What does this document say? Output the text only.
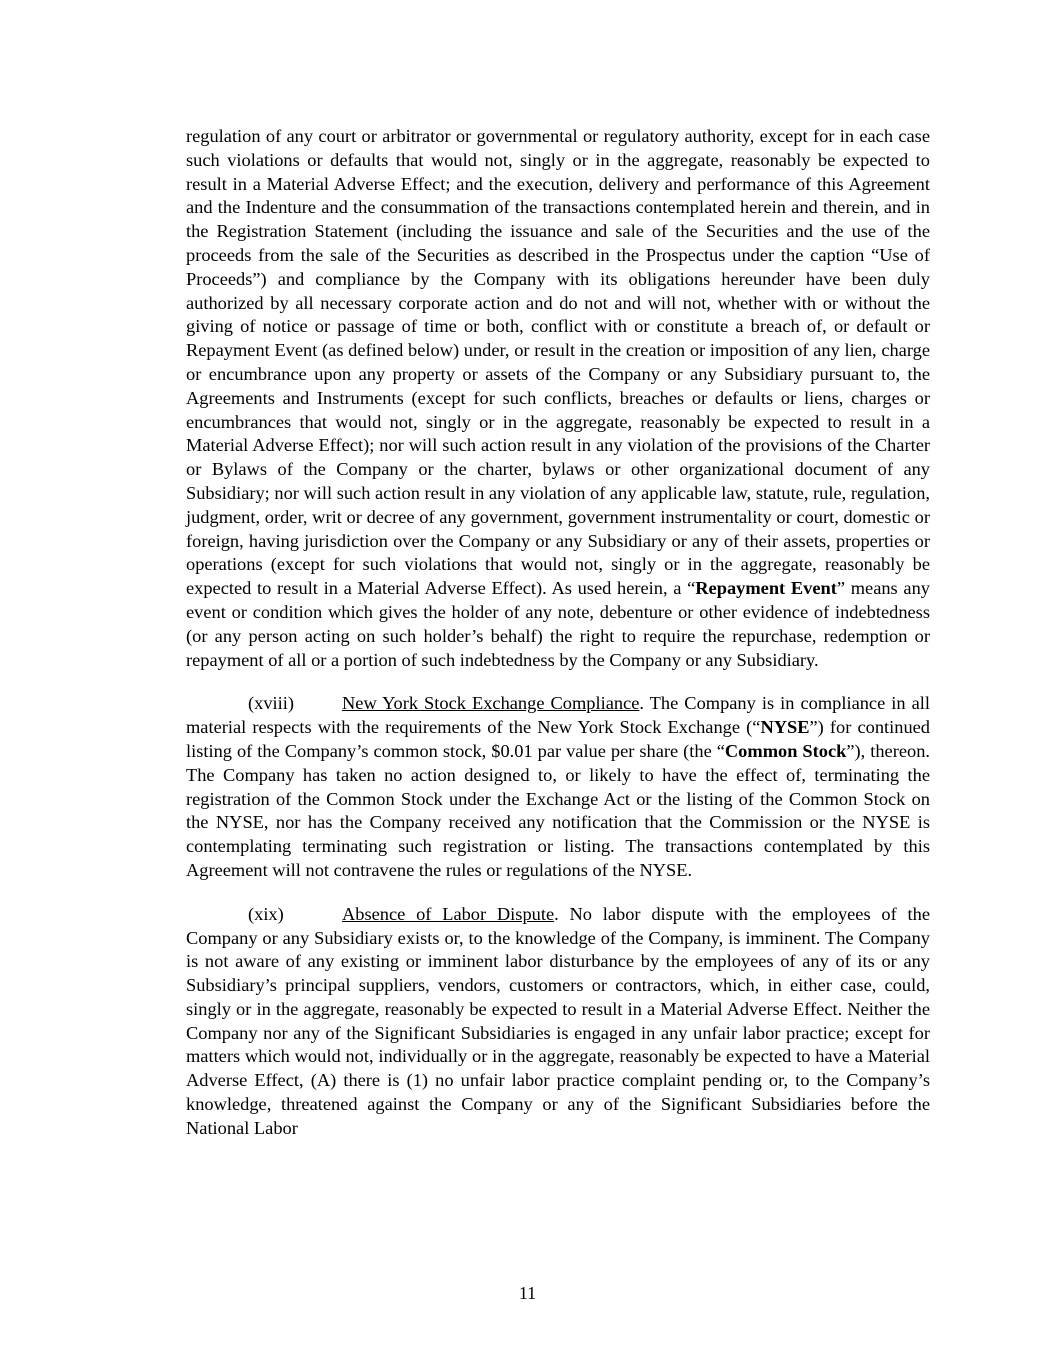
regulation of any court or arbitrator or governmental or regulatory authority, except for in each case such violations or defaults that would not, singly or in the aggregate, reasonably be expected to result in a Material Adverse Effect; and the execution, delivery and performance of this Agreement and the Indenture and the consummation of the transactions contemplated herein and therein, and in the Registration Statement (including the issuance and sale of the Securities and the use of the proceeds from the sale of the Securities as described in the Prospectus under the caption “Use of Proceeds”) and compliance by the Company with its obligations hereunder have been duly authorized by all necessary corporate action and do not and will not, whether with or without the giving of notice or passage of time or both, conflict with or constitute a breach of, or default or Repayment Event (as defined below) under, or result in the creation or imposition of any lien, charge or encumbrance upon any property or assets of the Company or any Subsidiary pursuant to, the Agreements and Instruments (except for such conflicts, breaches or defaults or liens, charges or encumbrances that would not, singly or in the aggregate, reasonably be expected to result in a Material Adverse Effect); nor will such action result in any violation of the provisions of the Charter or Bylaws of the Company or the charter, bylaws or other organizational document of any Subsidiary; nor will such action result in any violation of any applicable law, statute, rule, regulation, judgment, order, writ or decree of any government, government instrumentality or court, domestic or foreign, having jurisdiction over the Company or any Subsidiary or any of their assets, properties or operations (except for such violations that would not, singly or in the aggregate, reasonably be expected to result in a Material Adverse Effect). As used herein, a “Repayment Event” means any event or condition which gives the holder of any note, debenture or other evidence of indebtedness (or any person acting on such holder’s behalf) the right to require the repurchase, redemption or repayment of all or a portion of such indebtedness by the Company or any Subsidiary.

(xviii)	New York Stock Exchange Compliance. The Company is in compliance in all material respects with the requirements of the New York Stock Exchange (“NYSE”) for continued listing of the Company’s common stock, $0.01 par value per share (the “Common Stock”), thereon. The Company has taken no action designed to, or likely to have the effect of, terminating the registration of the Common Stock under the Exchange Act or the listing of the Common Stock on the NYSE, nor has the Company received any notification that the Commission or the NYSE is contemplating terminating such registration or listing. The transactions contemplated by this Agreement will not contravene the rules or regulations of the NYSE.

(xix)	Absence of Labor Dispute. No labor dispute with the employees of the Company or any Subsidiary exists or, to the knowledge of the Company, is imminent. The Company is not aware of any existing or imminent labor disturbance by the employees of any of its or any Subsidiary’s principal suppliers, vendors, customers or contractors, which, in either case, could, singly or in the aggregate, reasonably be expected to result in a Material Adverse Effect. Neither the Company nor any of the Significant Subsidiaries is engaged in any unfair labor practice; except for matters which would not, individually or in the aggregate, reasonably be expected to have a Material Adverse Effect, (A) there is (1) no unfair labor practice complaint pending or, to the Company’s knowledge, threatened against the Company or any of the Significant Subsidiaries before the National Labor

11
